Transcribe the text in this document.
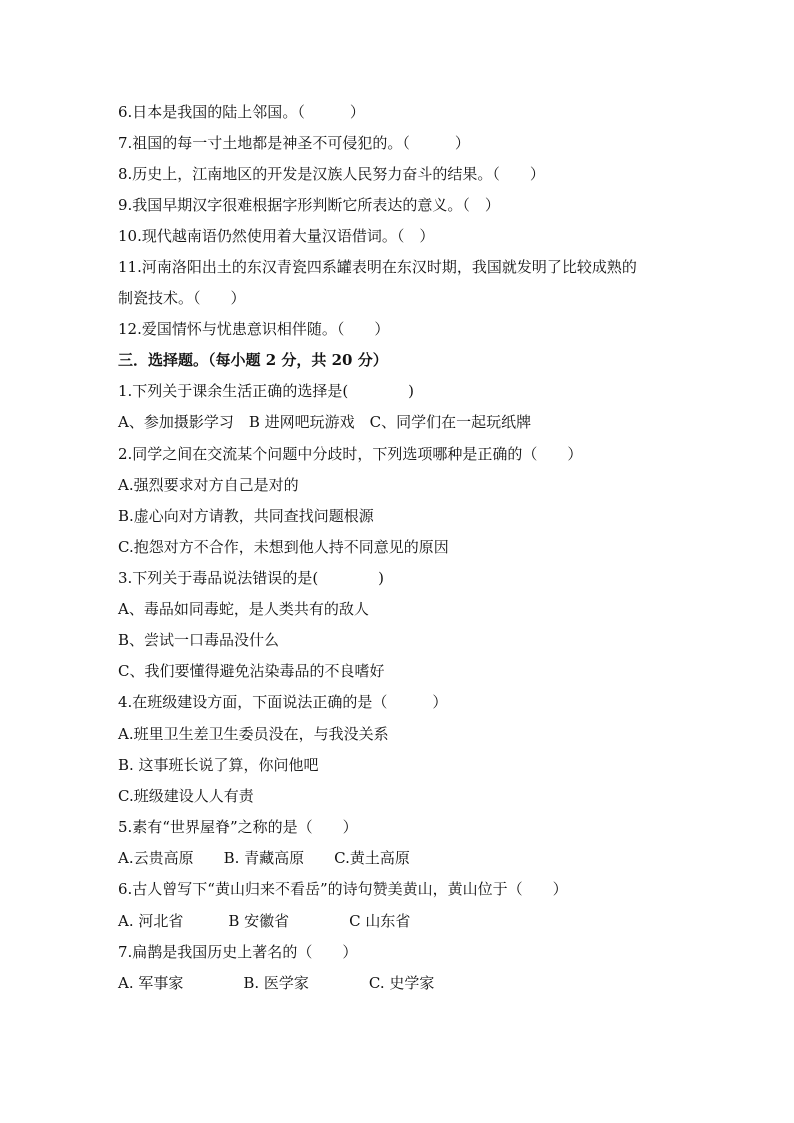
6.日本是我国的陆上邻国。（　　　）
7.祖国的每一寸土地都是神圣不可侵犯的。（　　　）
8.历史上，江南地区的开发是汉族人民努力奋斗的结果。（　　）
9.我国早期汉字很难根据字形判断它所表达的意义。（　）
10.现代越南语仍然使用着大量汉语借词。（　）
11.河南洛阳出土的东汉青瓷四系罐表明在东汉时期，我国就发明了比较成熟的
制瓷技术。（　　）
12.爱国情怀与忧患意识相伴随。（　　）
三．选择题。（每小题 2 分，共 20 分）
1.下列关于课余生活正确的选择是(　　　　)
A、参加摄影学习　B 进网吧玩游戏　C、同学们在一起玩纸牌
2.同学之间在交流某个问题中分歧时，下列选项哪种是正确的（　　）
A.强烈要求对方自己是对的
B.虚心向对方请教，共同查找问题根源
C.抱怨对方不合作，未想到他人持不同意见的原因
3.下列关于毒品说法错误的是(　　　　)
A、毒品如同毒蛇，是人类共有的敌人
B、尝试一口毒品没什么
C、我们要懂得避免沾染毒品的不良嗜好
4.在班级建设方面，下面说法正确的是（　　　）
A.班里卫生差卫生委员没在，与我没关系
B. 这事班长说了算，你问他吧
C.班级建设人人有责
5.素有“世界屋脊”之称的是（　　）
A.云贵高原　　B. 青藏高原　　C.黄土高原
6.古人曾写下“黄山归来不看岳”的诗句赞美黄山，黄山位于（　　）
A. 河北省　　　B 安徽省　　　　C 山东省
7.扁鹊是我国历史上著名的（　　）
A. 军事家　　　　B. 医学家　　　　C. 史学家
